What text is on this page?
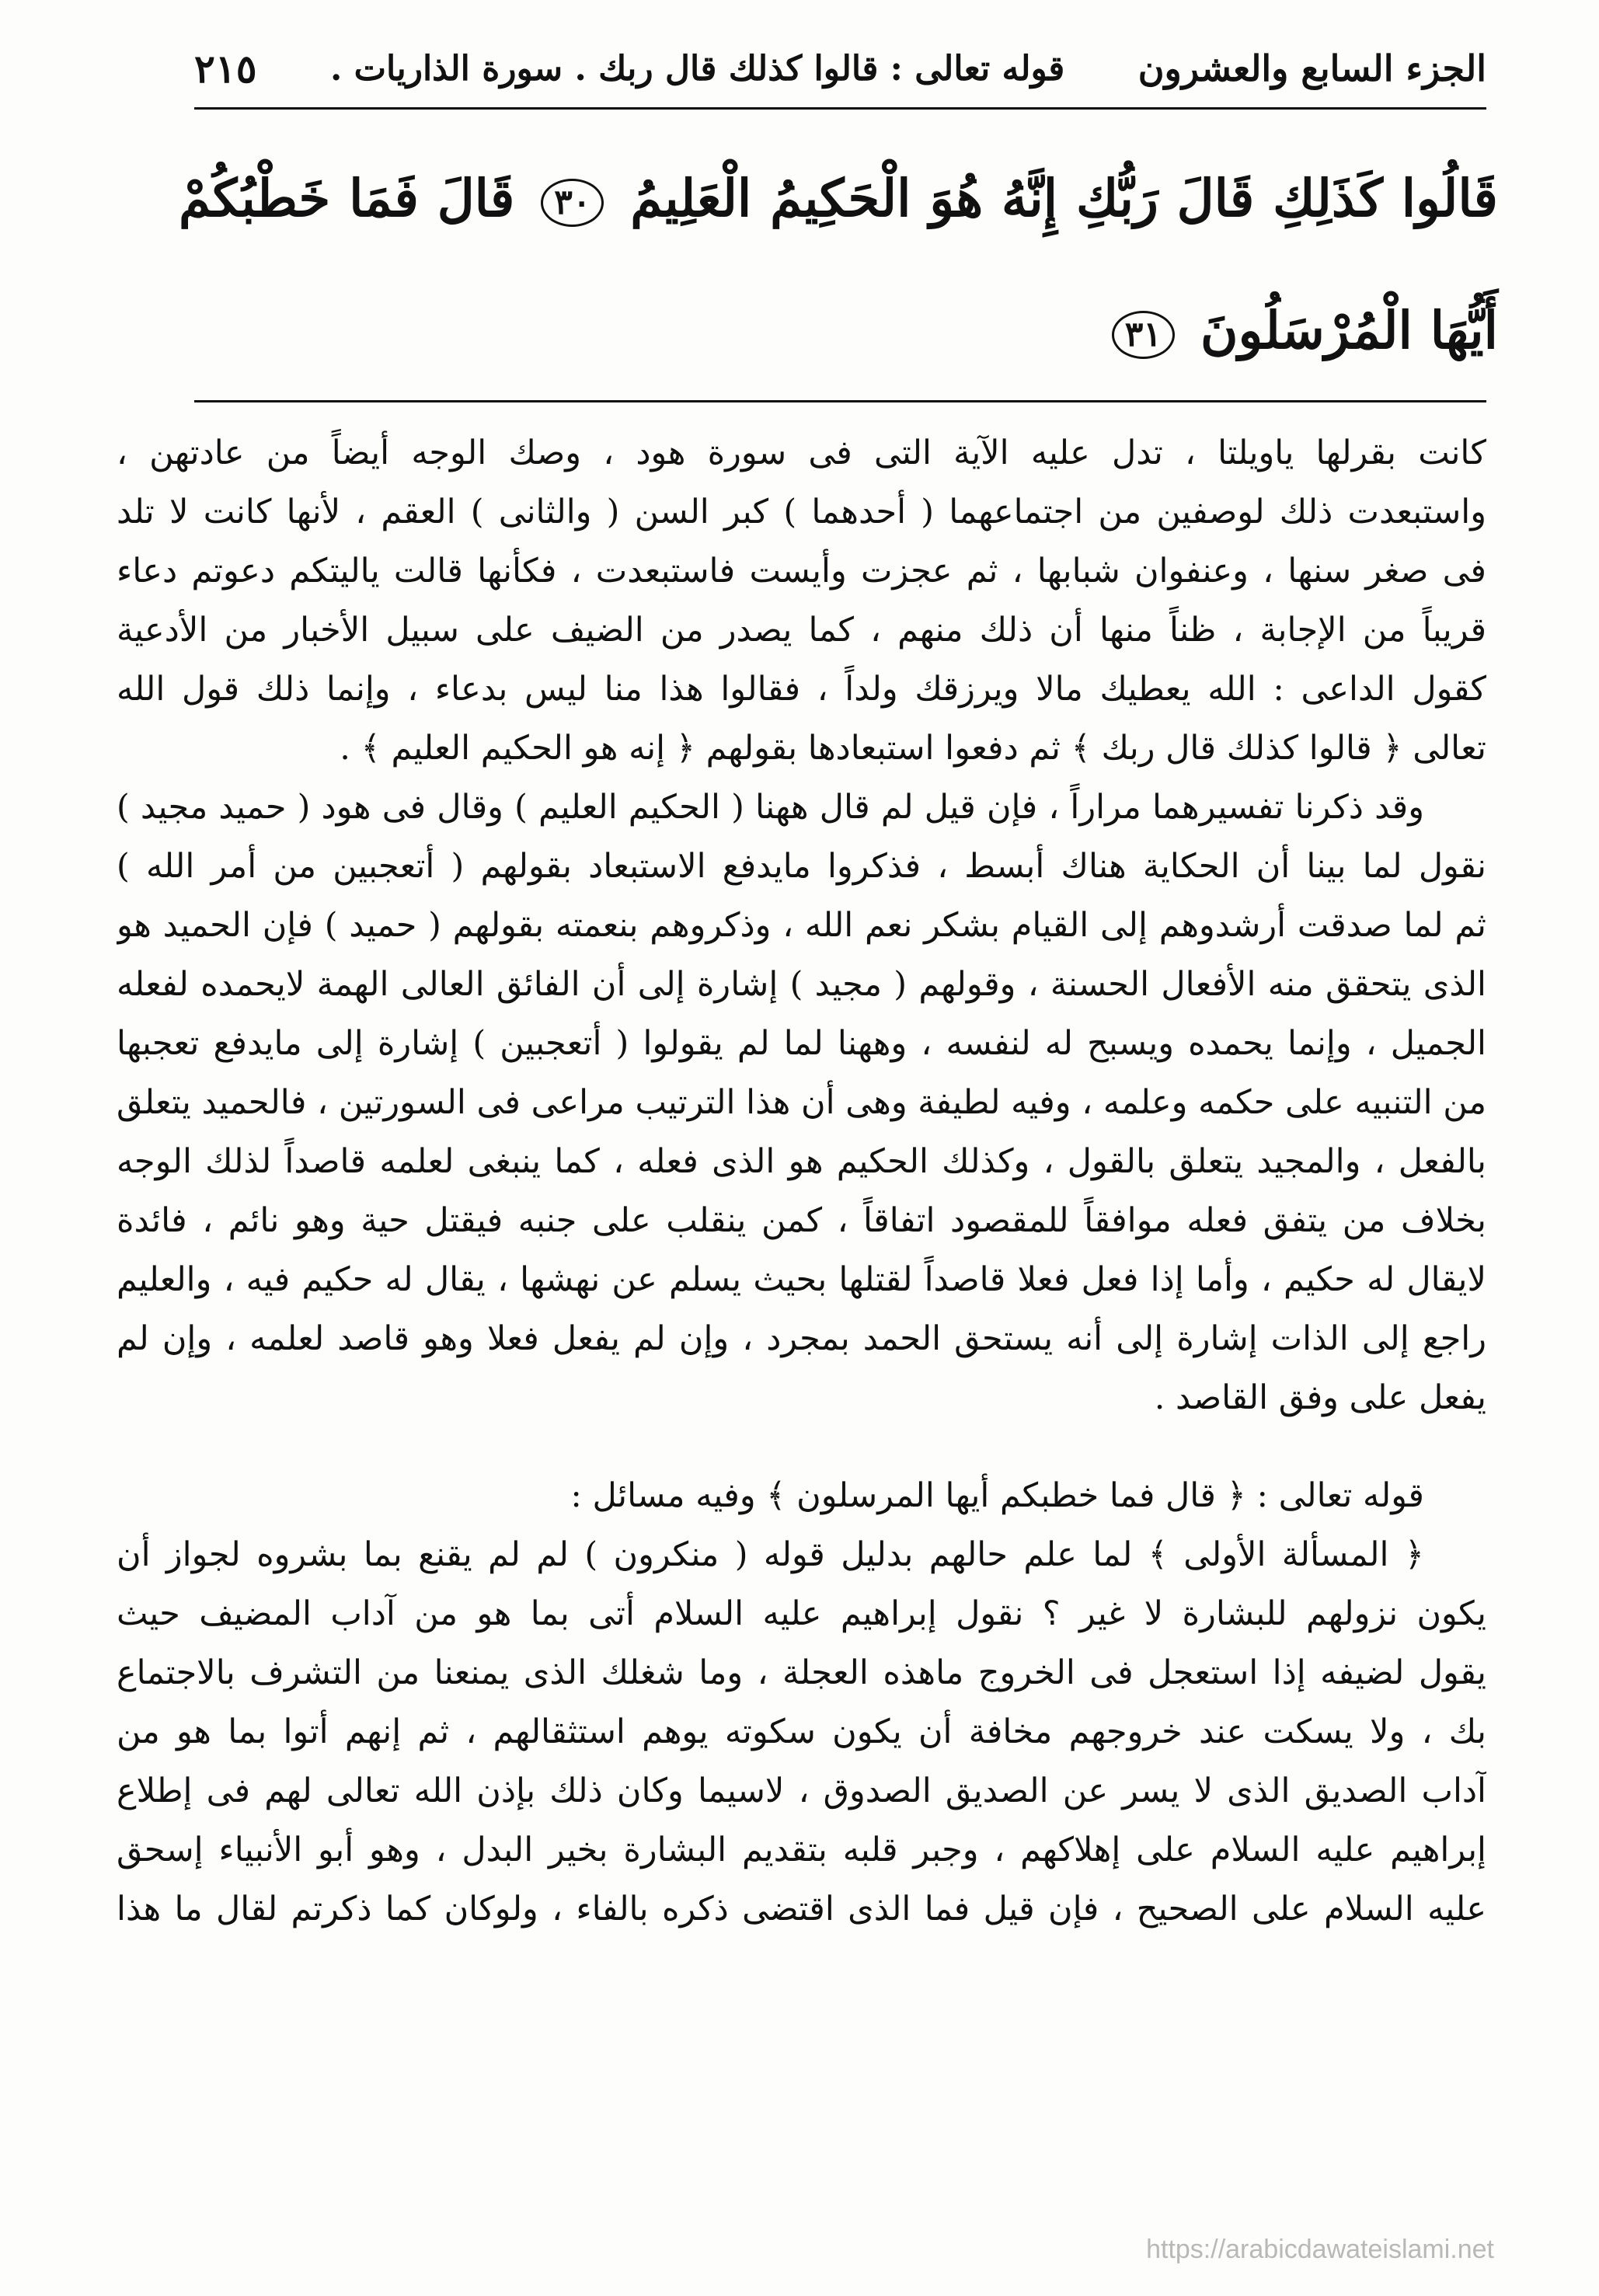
الجزء السابع والعشرون
قوله تعالى : قالوا كذلك قال ربك . سورة الذاريات .
٢١٥
قَالُوا كَذَلِكِ قَالَ رَبُّكِ إِنَّهُ هُوَ الْحَكِيمُ الْعَلِيمُ ٣٠ قَالَ فَمَا خَطْبُكُمْ
أَيُّهَا الْمُرْسَلُونَ ٣١
كانت بقرلها ياويلتا ، تدل عليه الآية التى فى سورة هود ، وصك الوجه أيضاً من عادتهن ،
واستبعدت ذلك لوصفين من اجتماعهما ( أحدهما ) كبر السن ( والثانى ) العقم ، لأنها كانت لا تلد
فى صغر سنها ، وعنفوان شبابها ، ثم عجزت وأيست فاستبعدت ، فكأنها قالت ياليتكم دعوتم دعاء
قريباً من الإجابة ، ظناً منها أن ذلك منهم ، كما يصدر من الضيف على سبيل الأخبار من الأدعية
كقول الداعى : الله يعطيك مالا ويرزقك ولداً ، فقالوا هذا منا ليس بدعاء ، وإنما ذلك قول الله
تعالى ﴿ قالوا كذلك قال ربك ﴾ ثم دفعوا استبعادها بقولهم ﴿ إنه هو الحكيم العليم ﴾ .
وقد ذكرنا تفسيرهما مراراً ، فإن قيل لم قال ههنا ( الحكيم العليم ) وقال فى هود ( حميد مجيد )
نقول لما بينا أن الحكاية هناك أبسط ، فذكروا مايدفع الاستبعاد بقولهم ( أتعجبين من أمر الله )
ثم لما صدقت أرشدوهم إلى القيام بشكر نعم الله ، وذكروهم بنعمته بقولهم ( حميد ) فإن الحميد هو
الذى يتحقق منه الأفعال الحسنة ، وقولهم ( مجيد ) إشارة إلى أن الفائق العالى الهمة لايحمده لفعله
الجميل ، وإنما يحمده ويسبح له لنفسه ، وههنا لما لم يقولوا ( أتعجبين ) إشارة إلى مايدفع تعجبها
من التنبيه على حكمه وعلمه ، وفيه لطيفة وهى أن هذا الترتيب مراعى فى السورتين ، فالحميد يتعلق
بالفعل ، والمجيد يتعلق بالقول ، وكذلك الحكيم هو الذى فعله ، كما ينبغى لعلمه قاصداً لذلك الوجه
بخلاف من يتفق فعله موافقاً للمقصود اتفاقاً ، كمن ينقلب على جنبه فيقتل حية وهو نائم ، فائدة
لايقال له حكيم ، وأما إذا فعل فعلا قاصداً لقتلها بحيث يسلم عن نهشها ، يقال له حكيم فيه ، والعليم
راجع إلى الذات إشارة إلى أنه يستحق الحمد بمجرد ، وإن لم يفعل فعلا وهو قاصد لعلمه ، وإن لم
يفعل على وفق القاصد .
قوله تعالى : ﴿ قال فما خطبكم أيها المرسلون ﴾ وفيه مسائل :
﴿ المسألة الأولى ﴾ لما علم حالهم بدليل قوله ( منكرون ) لم لم يقنع بما بشروه لجواز أن
يكون نزولهم للبشارة لا غير ؟ نقول إبراهيم عليه السلام أتى بما هو من آداب المضيف حيث
يقول لضيفه إذا استعجل فى الخروج ماهذه العجلة ، وما شغلك الذى يمنعنا من التشرف بالاجتماع
بك ، ولا يسكت عند خروجهم مخافة أن يكون سكوته يوهم استثقالهم ، ثم إنهم أتوا بما هو من
آداب الصديق الذى لا يسر عن الصديق الصدوق ، لاسيما وكان ذلك بإذن الله تعالى لهم فى إطلاع
إبراهيم عليه السلام على إهلاكهم ، وجبر قلبه بتقديم البشارة بخير البدل ، وهو أبو الأنبياء إسحق
عليه السلام على الصحيح ، فإن قيل فما الذى اقتضى ذكره بالفاء ، ولوكان كما ذكرتم لقال ما هذا
https://arabicdawateislami.net
